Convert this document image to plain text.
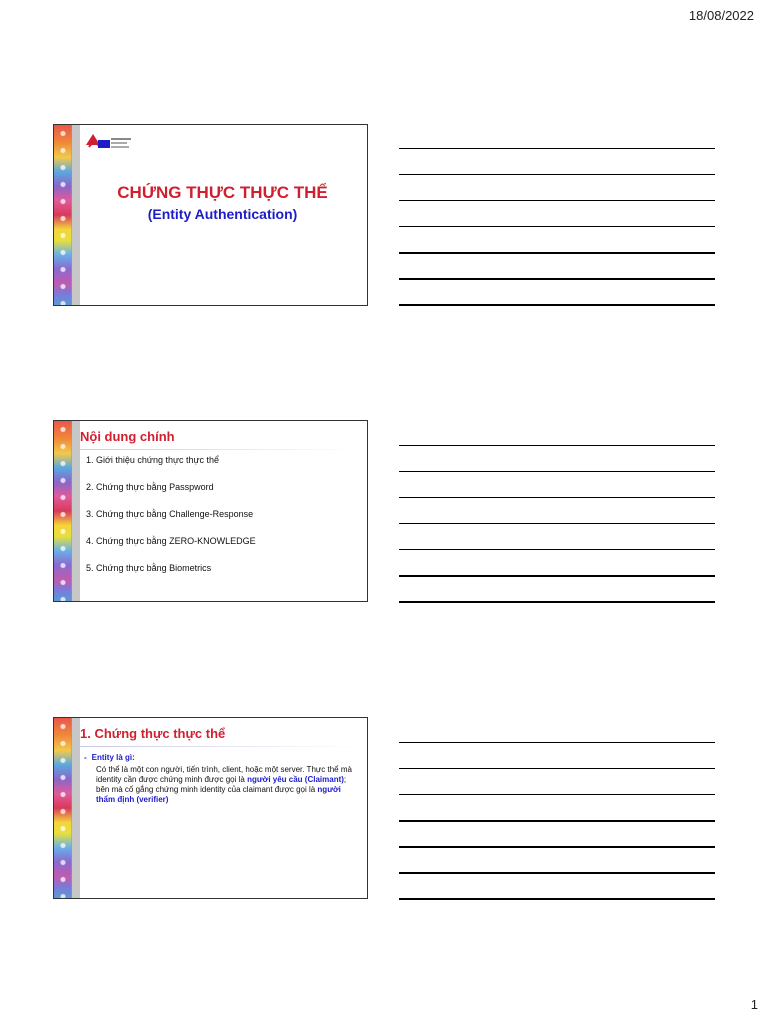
18/08/2022
CHỨNG THỰC THỰC THỂ
(Entity Authentication)
Nội dung chính
1. Giới thiệu chứng thực thực thể
2. Chứng thực bằng Passpword
3. Chứng thực bằng Challenge-Response
4. Chứng thực bằng ZERO-KNOWLEDGE
5. Chứng thực bằng Biometrics
1. Chứng thực thực thể
- Entity là gì:
Có thể là một con người, tiến trình, client, hoặc một server. Thực thể mà identity cần được chứng minh được gọi là người yêu cầu (Claimant); bên mà cố gắng chứng minh identity của claimant được gọi là người thẩm định (verifier)
1
